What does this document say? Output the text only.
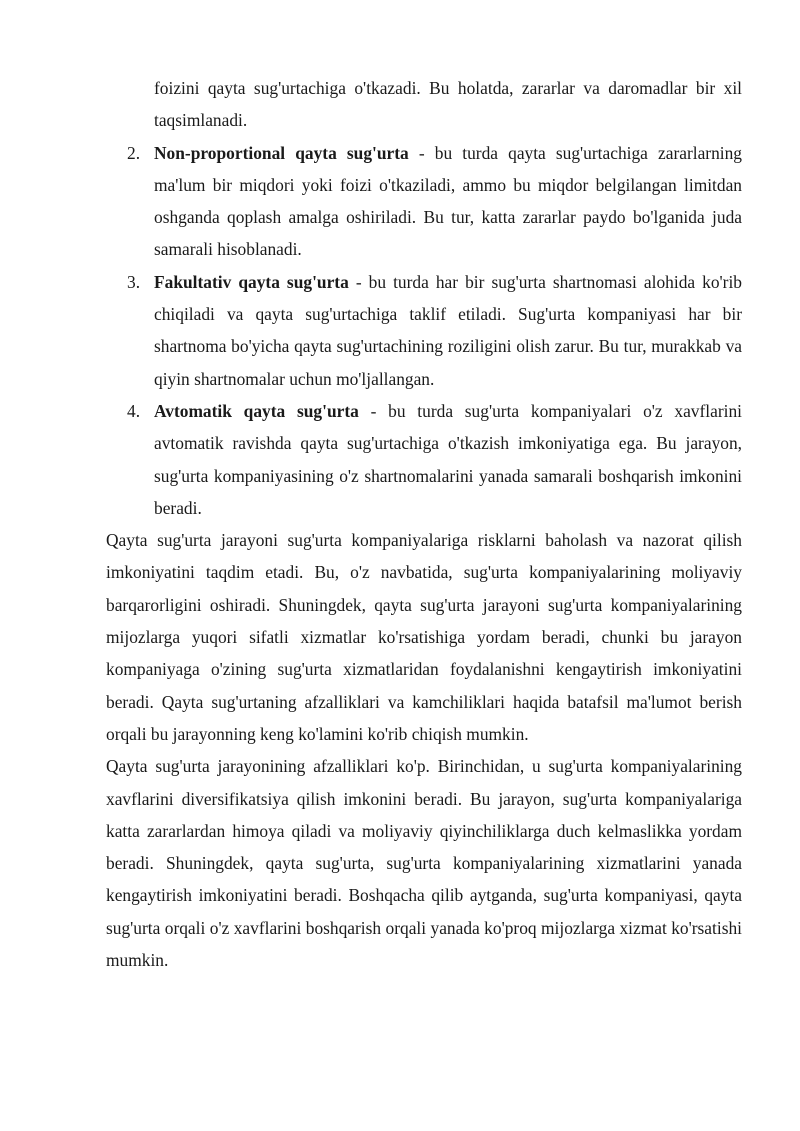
foizini qayta sug'urtachiga o'tkazadi. Bu holatda, zararlar va daromadlar bir xil taqsimlanadi.

2. Non-proportional qayta sug'urta - bu turda qayta sug'urtachiga zararlarning ma'lum bir miqdori yoki foizi o'tkaziladi, ammo bu miqdor belgilangan limitdan oshganda qoplash amalga oshiriladi. Bu tur, katta zararlar paydo bo'lganida juda samarali hisoblanadi.

3. Fakultativ qayta sug'urta - bu turda har bir sug'urta shartnomasi alohida ko'rib chiqiladi va qayta sug'urtachiga taklif etiladi. Sug'urta kompaniyasi har bir shartnoma bo'yicha qayta sug'urtachining roziligini olish zarur. Bu tur, murakkab va qiyin shartnomalar uchun mo'ljallangan.

4. Avtomatik qayta sug'urta - bu turda sug'urta kompaniyalari o'z xavflarini avtomatik ravishda qayta sug'urtachiga o'tkazish imkoniyatiga ega. Bu jarayon, sug'urta kompaniyasining o'z shartnomalarini yanada samarali boshqarish imkonini beradi.

Qayta sug'urta jarayoni sug'urta kompaniyalariga risklarni baholash va nazorat qilish imkoniyatini taqdim etadi. Bu, o'z navbatida, sug'urta kompaniyalarining moliyaviy barqarorligini oshiradi. Shuningdek, qayta sug'urta jarayoni sug'urta kompaniyalarining mijozlarga yuqori sifatli xizmatlar ko'rsatishiga yordam beradi, chunki bu jarayon kompaniyaga o'zining sug'urta xizmatlaridan foydalanishni kengaytirish imkoniyatini beradi. Qayta sug'urtaning afzalliklari va kamchiliklari haqida batafsil ma'lumot berish orqali bu jarayonning keng ko'lamini ko'rib chiqish mumkin.

Qayta sug'urta jarayonining afzalliklari ko'p. Birinchidan, u sug'urta kompaniyalarining xavflarini diversifikatsiya qilish imkonini beradi. Bu jarayon, sug'urta kompaniyalariga katta zararlardan himoya qiladi va moliyaviy qiyinchiliklarga duch kelmaslikka yordam beradi. Shuningdek, qayta sug'urta, sug'urta kompaniyalarining xizmatlarini yanada kengaytirish imkoniyatini beradi. Boshqacha qilib aytganda, sug'urta kompaniyasi, qayta sug'urta orqali o'z xavflarini boshqarish orqali yanada ko'proq mijozlarga xizmat ko'rsatishi mumkin.
